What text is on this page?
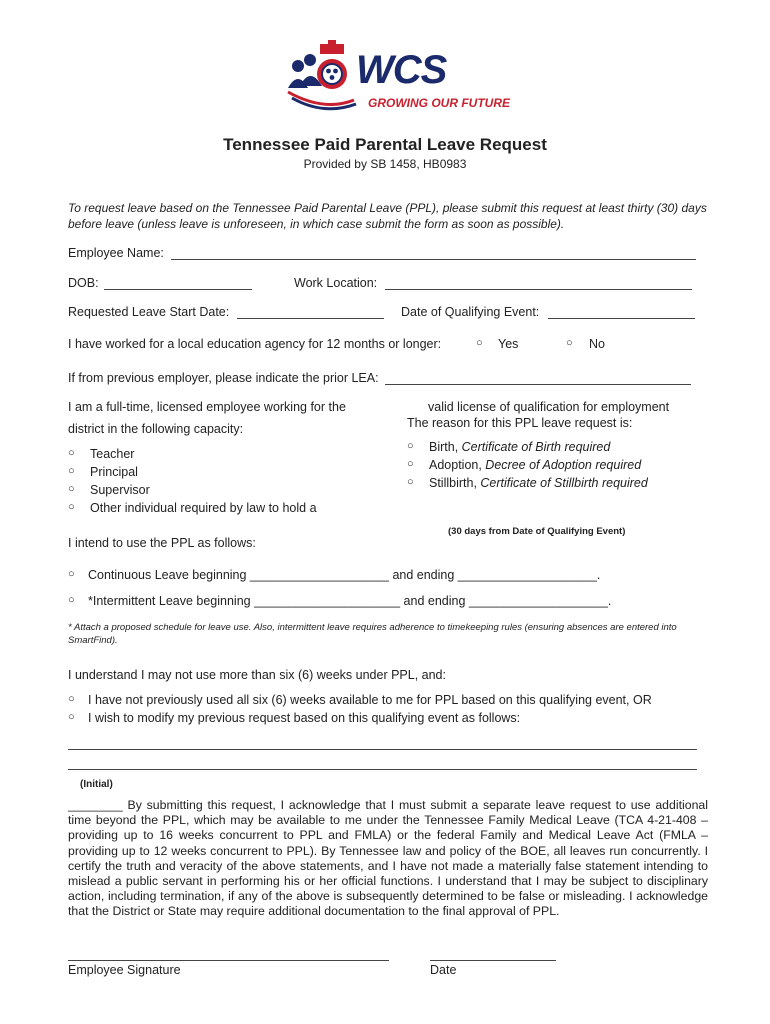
WCS
GROWING OUR FUTURE
Tennessee Paid Parental Leave Request
Provided by SB 1458, HB0983
To request leave based on the Tennessee Paid Parental Leave (PPL), please submit this request at least thirty (30) days before leave (unless leave is unforeseen, in which case submit the form as soon as possible).
Employee Name:
DOB:	Work Location:
Requested Leave Start Date:	Date of Qualifying Event:
I have worked for a local education agency for 12 months or longer:	○ Yes	○ No
If from previous employer, please indicate the prior LEA:
I am a full-time, licensed employee working for the
district in the following capacity:
○ Teacher
○ Principal
○ Supervisor
○ Other individual required by law to hold a
valid license of qualification for employment
The reason for this PPL leave request is:
○ Birth, Certificate of Birth required
○ Adoption, Decree of Adoption required
○ Stillbirth, Certificate of Stillbirth required
(30 days from Date of Qualifying Event)
I intend to use the PPL as follows:
○ Continuous Leave beginning ____________________ and ending ____________________.
○ *Intermittent Leave beginning _____________________ and ending ____________________.
* Attach a proposed schedule for leave use. Also, intermittent leave requires adherence to timekeeping rules (ensuring absences are entered into SmartFind).
I understand I may not use more than six (6) weeks under PPL, and:
○ I have not previously used all six (6) weeks available to me for PPL based on this qualifying event, OR
○ I wish to modify my previous request based on this qualifying event as follows:
(Initial)
________ By submitting this request, I acknowledge that I must submit a separate leave request to use additional time beyond the PPL, which may be available to me under the Tennessee Family Medical Leave (TCA 4-21-408 – providing up to 16 weeks concurrent to PPL and FMLA) or the federal Family and Medical Leave Act (FMLA – providing up to 12 weeks concurrent to PPL). By Tennessee law and policy of the BOE, all leaves run concurrently. I certify the truth and veracity of the above statements, and I have not made a materially false statement intending to mislead a public servant in performing his or her official functions. I understand that I may be subject to disciplinary action, including termination, if any of the above is subsequently determined to be false or misleading. I acknowledge that the District or State may require additional documentation to the final approval of PPL.
Employee Signature	Date
